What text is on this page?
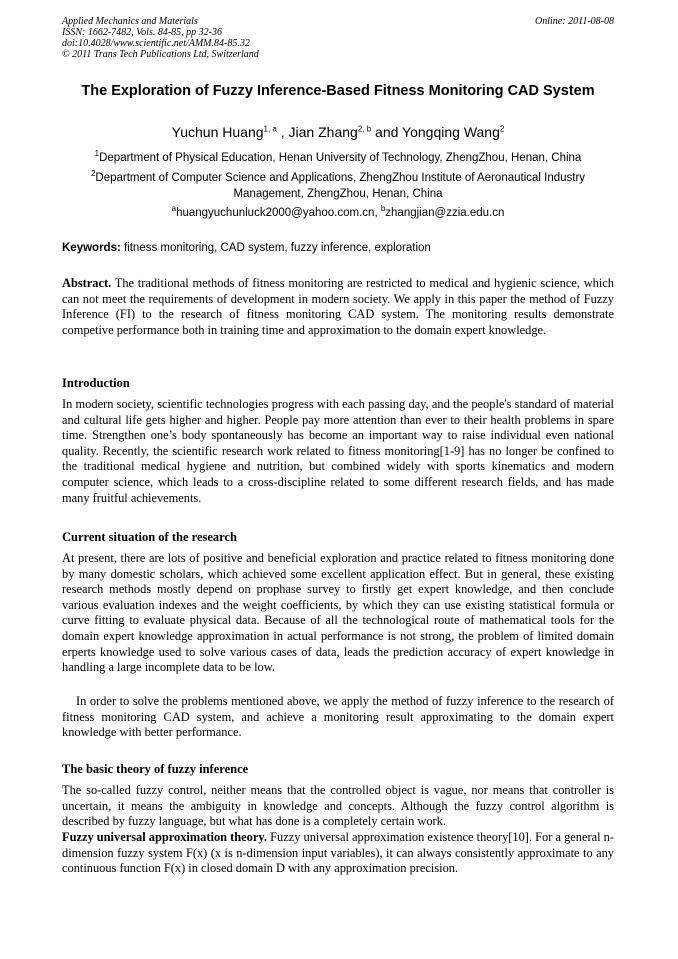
Applied Mechanics and Materials
ISSN: 1662-7482, Vols. 84-85, pp 32-36
doi:10.4028/www.scientific.net/AMM.84-85.32
© 2011 Trans Tech Publications Ltd, Switzerland
Online: 2011-08-08
The Exploration of Fuzzy Inference-Based Fitness Monitoring CAD System
Yuchun Huang$^{1, a}$ , Jian Zhang$^{2, b}$ and Yongqing Wang$^2$
$^1$Department of Physical Education, Henan University of Technology, ZhengZhou, Henan, China
$^2$Department of Computer Science and Applications, ZhengZhou Institute of Aeronautical Industry Management, ZhengZhou, Henan, China
$^a$huangyuchunluck2000@yahoo.com.cn, $^b$zhangjian@zzia.edu.cn
Keywords: fitness monitoring, CAD system, fuzzy inference, exploration
Abstract. The traditional methods of fitness monitoring are restricted to medical and hygienic science, which can not meet the requirements of development in modern society. We apply in this paper the method of Fuzzy Inference (FI) to the research of fitness monitoring CAD system. The monitoring results demonstrate competive performance both in training time and approximation to the domain expert knowledge.
Introduction
In modern society, scientific technologies progress with each passing day, and the people's standard of material and cultural life gets higher and higher. People pay more attention than ever to their health problems in spare time. Strengthen one’s body spontaneously has become an important way to raise individual even national quality. Recently, the scientific research work related to fitness monitoring[1-9] has no longer be confined to the traditional medical hygiene and nutrition, but combined widely with sports kinematics and modern computer science, which leads to a cross-discipline related to some different research fields, and has made many fruitful achievements.
Current situation of the research
At present, there are lots of positive and beneficial exploration and practice related to fitness monitoring done by many domestic scholars, which achieved some excellent application effect. But in general, these existing research methods mostly depend on prophase survey to firstly get expert knowledge, and then conclude various evaluation indexes and the weight coefficients, by which they can use existing statistical formula or curve fitting to evaluate physical data. Because of all the technological route of mathematical tools for the domain expert knowledge approximation in actual performance is not strong, the problem of limited domain erperts knowledge used to solve various cases of data, leads the prediction accuracy of expert knowledge in handling a large incomplete data to be low.
In order to solve the problems mentioned above, we apply the method of fuzzy inference to the research of fitness monitoring CAD system, and achieve a monitoring result approximating to the domain expert knowledge with better performance.
The basic theory of fuzzy inference
The so-called fuzzy control, neither means that the controlled object is vague, nor means that controller is uncertain, it means the ambiguity in knowledge and concepts. Although the fuzzy control algorithm is described by fuzzy language, but what has done is a completely certain work.
Fuzzy universal approximation theory. Fuzzy universal approximation existence theory[10]. For a general n-dimension fuzzy system F(x) (x is n-dimension input variables), it can always consistently approximate to any continuous function F(x) in closed domain D with any approximation precision.
